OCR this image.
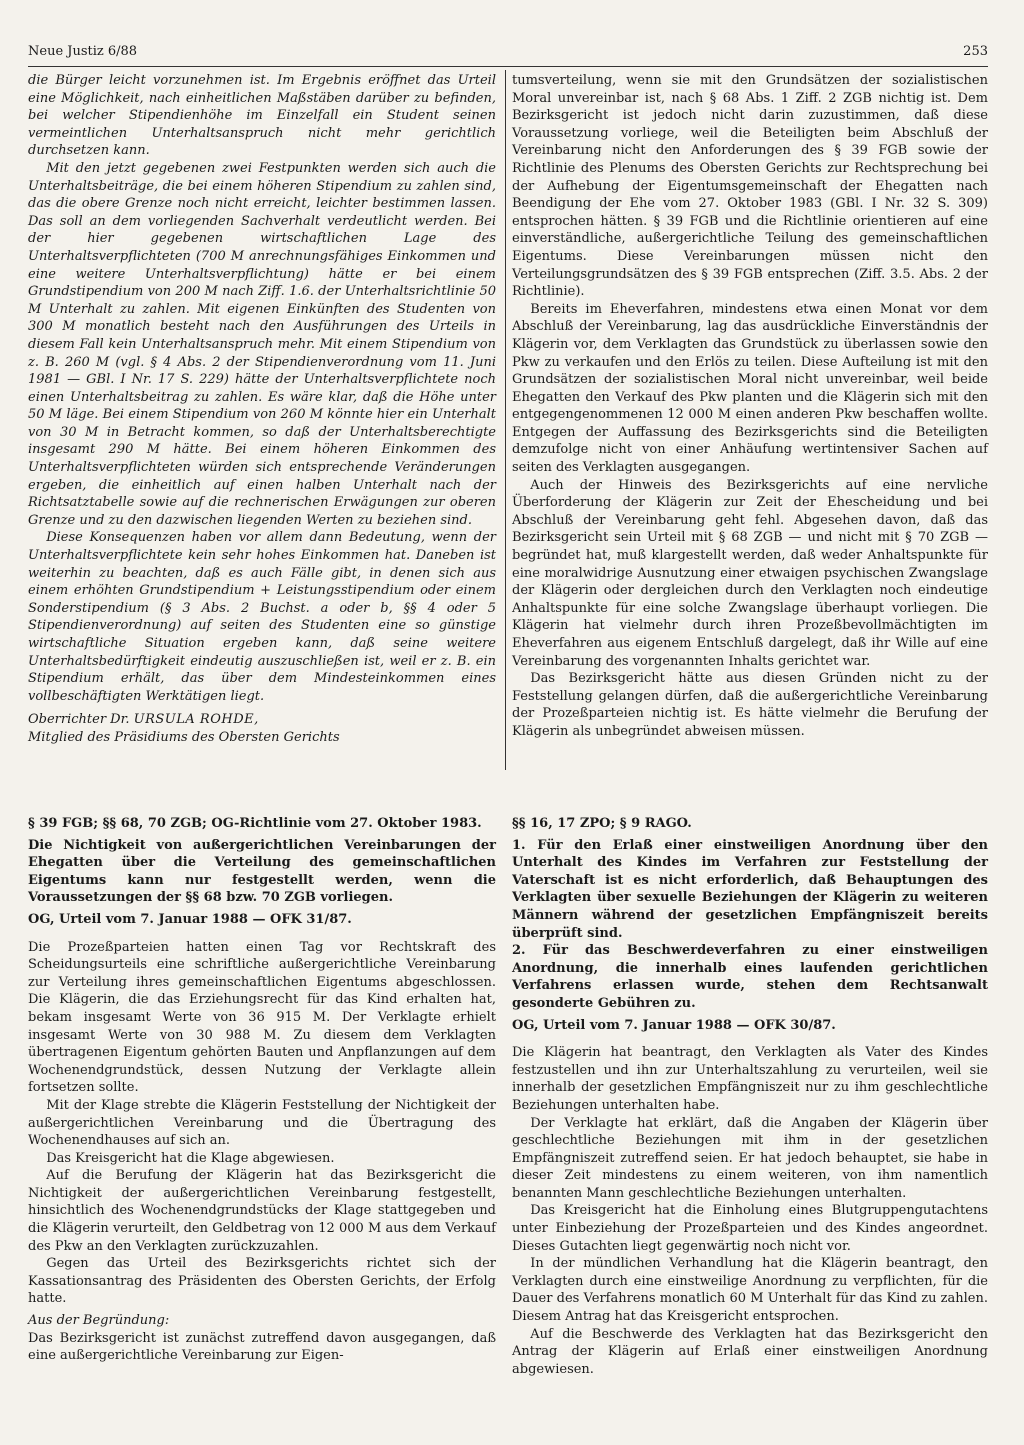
Neue Justiz 6/88	253

die Bürger leicht vorzunehmen ist. Im Ergebnis eröffnet das Urteil eine Möglichkeit, nach einheitlichen Maßstäben darüber zu befinden, bei welcher Stipendienhöhe im Einzelfall ein Student seinen vermeintlichen Unterhaltsanspruch nicht mehr gerichtlich durchsetzen kann.

Mit den jetzt gegebenen zwei Festpunkten werden sich auch die Unterhaltsbeiträge, die bei einem höheren Stipendium zu zahlen sind, das die obere Grenze noch nicht erreicht, leichter bestimmen lassen. Das soll an dem vorliegenden Sachverhalt verdeutlicht werden. Bei der hier gegebenen wirtschaftlichen Lage des Unterhaltsverpflichteten (700 M anrechnungsfähiges Einkommen und eine weitere Unterhaltsverpflichtung) hätte er bei einem Grundstipendium von 200 M nach Ziff. 1.6. der Unterhaltsrichtlinie 50 M Unterhalt zu zahlen. Mit eigenen Einkünften des Studenten von 300 M monatlich besteht nach den Ausführungen des Urteils in diesem Fall kein Unterhaltsanspruch mehr. Mit einem Stipendium von z. B. 260 M (vgl. § 4 Abs. 2 der Stipendienverordnung vom 11. Juni 1981 — GBl. I Nr. 17 S. 229) hätte der Unterhaltsverpflichtete noch einen Unterhaltsbeitrag zu zahlen. Es wäre klar, daß die Höhe unter 50 M läge. Bei einem Stipendium von 260 M könnte hier ein Unterhalt von 30 M in Betracht kommen, so daß der Unterhaltsberechtigte insgesamt 290 M hätte. Bei einem höheren Einkommen des Unterhaltsverpflichteten würden sich entsprechende Veränderungen ergeben, die einheitlich auf einen halben Unterhalt nach der Richtsatztabelle sowie auf die rechnerischen Erwägungen zur oberen Grenze und zu den dazwischen liegenden Werten zu beziehen sind.

Diese Konsequenzen haben vor allem dann Bedeutung, wenn der Unterhaltsverpflichtete kein sehr hohes Einkommen hat. Daneben ist weiterhin zu beachten, daß es auch Fälle gibt, in denen sich aus einem erhöhten Grundstipendium + Leistungsstipendium oder einem Sonderstipendium (§ 3 Abs. 2 Buchst. a oder b, §§ 4 oder 5 Stipendienverordnung) auf seiten des Studenten eine so günstige wirtschaftliche Situation ergeben kann, daß seine weitere Unterhaltsbedürftigkeit eindeutig auszuschließen ist, weil er z. B. ein Stipendium erhält, das über dem Mindesteinkommen eines vollbeschäftigten Werktätigen liegt.

Oberrichter Dr. URSULA ROHDE,
Mitglied des Präsidiums des Obersten Gerichts

tumsverteilung, wenn sie mit den Grundsätzen der sozialistischen Moral unvereinbar ist, nach § 68 Abs. 1 Ziff. 2 ZGB nichtig ist. Dem Bezirksgericht ist jedoch nicht darin zuzustimmen, daß diese Voraussetzung vorliege, weil die Beteiligten beim Abschluß der Vereinbarung nicht den Anforderungen des § 39 FGB sowie der Richtlinie des Plenums des Obersten Gerichts zur Rechtsprechung bei der Aufhebung der Eigentumsgemeinschaft der Ehegatten nach Beendigung der Ehe vom 27. Oktober 1983 (GBl. I Nr. 32 S. 309) entsprochen hätten. § 39 FGB und die Richtlinie orientieren auf eine einverständliche, außergerichtliche Teilung des gemeinschaftlichen Eigentums. Diese Vereinbarungen müssen nicht den Verteilungsgrundsätzen des § 39 FGB entsprechen (Ziff. 3.5. Abs. 2 der Richtlinie).

Bereits im Eheverfahren, mindestens etwa einen Monat vor dem Abschluß der Vereinbarung, lag das ausdrückliche Einverständnis der Klägerin vor, dem Verklagten das Grundstück zu überlassen sowie den Pkw zu verkaufen und den Erlös zu teilen. Diese Aufteilung ist mit den Grundsätzen der sozialistischen Moral nicht unvereinbar, weil beide Ehegatten den Verkauf des Pkw planten und die Klägerin sich mit den entgegengenommenen 12 000 M einen anderen Pkw beschaffen wollte. Entgegen der Auffassung des Bezirksgerichts sind die Beteiligten demzufolge nicht von einer Anhäufung wertintensiver Sachen auf seiten des Verklagten ausgegangen.

Auch der Hinweis des Bezirksgerichts auf eine nervliche Überforderung der Klägerin zur Zeit der Ehescheidung und bei Abschluß der Vereinbarung geht fehl. Abgesehen davon, daß das Bezirksgericht sein Urteil mit § 68 ZGB — und nicht mit § 70 ZGB — begründet hat, muß klargestellt werden, daß weder Anhaltspunkte für eine moralwidrige Ausnutzung einer etwaigen psychischen Zwangslage der Klägerin oder dergleichen durch den Verklagten noch eindeutige Anhaltspunkte für eine solche Zwangslage überhaupt vorliegen. Die Klägerin hat vielmehr durch ihren Prozeßbevollmächtigten im Eheverfahren aus eigenem Entschluß dargelegt, daß ihr Wille auf eine Vereinbarung des vorgenannten Inhalts gerichtet war.

Das Bezirksgericht hätte aus diesen Gründen nicht zu der Feststellung gelangen dürfen, daß die außergerichtliche Vereinbarung der Prozeßparteien nichtig ist. Es hätte vielmehr die Berufung der Klägerin als unbegründet abweisen müssen.

§ 39 FGB; §§ 68, 70 ZGB; OG-Richtlinie vom 27. Oktober 1983.

Die Nichtigkeit von außergerichtlichen Vereinbarungen der Ehegatten über die Verteilung des gemeinschaftlichen Eigentums kann nur festgestellt werden, wenn die Voraussetzungen der §§ 68 bzw. 70 ZGB vorliegen.

OG, Urteil vom 7. Januar 1988 — OFK 31/87.

Die Prozeßparteien hatten einen Tag vor Rechtskraft des Scheidungsurteils eine schriftliche außergerichtliche Vereinbarung zur Verteilung ihres gemeinschaftlichen Eigentums abgeschlossen. Die Klägerin, die das Erziehungsrecht für das Kind erhalten hat, bekam insgesamt Werte von 36 915 M. Der Verklagte erhielt insgesamt Werte von 30 988 M. Zu diesem dem Verklagten übertragenen Eigentum gehörten Bauten und Anpflanzungen auf dem Wochenendgrundstück, dessen Nutzung der Verklagte allein fortsetzen sollte.

Mit der Klage strebte die Klägerin Feststellung der Nichtigkeit der außergerichtlichen Vereinbarung und die Übertragung des Wochenendhauses auf sich an.

Das Kreisgericht hat die Klage abgewiesen.

Auf die Berufung der Klägerin hat das Bezirksgericht die Nichtigkeit der außergerichtlichen Vereinbarung festgestellt, hinsichtlich des Wochenendgrundstücks der Klage stattgegeben und die Klägerin verurteilt, den Geldbetrag von 12 000 M aus dem Verkauf des Pkw an den Verklagten zurückzuzahlen.

Gegen das Urteil des Bezirksgerichts richtet sich der Kassationsantrag des Präsidenten des Obersten Gerichts, der Erfolg hatte.

Aus der Begründung:

Das Bezirksgericht ist zunächst zutreffend davon ausgegangen, daß eine außergerichtliche Vereinbarung zur Eigen-

§§ 16, 17 ZPO; § 9 RAGO.

1. Für den Erlaß einer einstweiligen Anordnung über den Unterhalt des Kindes im Verfahren zur Feststellung der Vaterschaft ist es nicht erforderlich, daß Behauptungen des Verklagten über sexuelle Beziehungen der Klägerin zu weiteren Männern während der gesetzlichen Empfängniszeit bereits überprüft sind.

2. Für das Beschwerdeverfahren zu einer einstweiligen Anordnung, die innerhalb eines laufenden gerichtlichen Verfahrens erlassen wurde, stehen dem Rechtsanwalt gesonderte Gebühren zu.

OG, Urteil vom 7. Januar 1988 — OFK 30/87.

Die Klägerin hat beantragt, den Verklagten als Vater des Kindes festzustellen und ihn zur Unterhaltszahlung zu verurteilen, weil sie innerhalb der gesetzlichen Empfängniszeit nur zu ihm geschlechtliche Beziehungen unterhalten habe.

Der Verklagte hat erklärt, daß die Angaben der Klägerin über geschlechtliche Beziehungen mit ihm in der gesetzlichen Empfängniszeit zutreffend seien. Er hat jedoch behauptet, sie habe in dieser Zeit mindestens zu einem weiteren, von ihm namentlich benannten Mann geschlechtliche Beziehungen unterhalten.

Das Kreisgericht hat die Einholung eines Blutgruppengutachtens unter Einbeziehung der Prozeßparteien und des Kindes angeordnet. Dieses Gutachten liegt gegenwärtig noch nicht vor.

In der mündlichen Verhandlung hat die Klägerin beantragt, den Verklagten durch eine einstweilige Anordnung zu verpflichten, für die Dauer des Verfahrens monatlich 60 M Unterhalt für das Kind zu zahlen. Diesem Antrag hat das Kreisgericht entsprochen.

Auf die Beschwerde des Verklagten hat das Bezirksgericht den Antrag der Klägerin auf Erlaß einer einstweiligen Anordnung abgewiesen.
